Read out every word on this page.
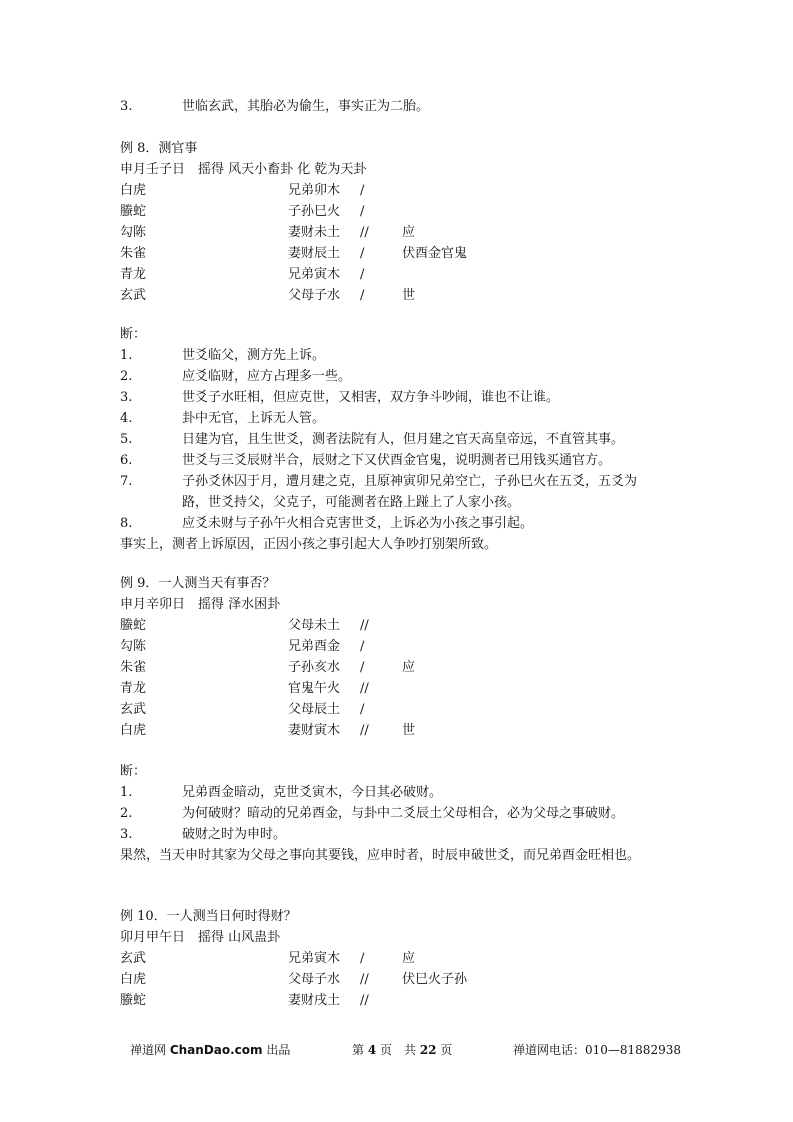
3.	世临玄武，其胎必为偷生，事实正为二胎。
例 8．测官事
申月壬子日　摇得 风天小畜卦 化 乾为天卦
白虎	兄弟卯木 /
螣蛇	子孙巳火 /
勾陈	妻财未土 //	应
朱雀	妻财辰土 /	伏酉金官鬼
青龙	兄弟寅木 /
玄武	父母子水 /	世
断：
1.	世爻临父，测方先上诉。
2.	应爻临财，应方占理多一些。
3.	世爻子水旺相，但应克世，又相害，双方争斗吵闹，谁也不让谁。
4.	卦中无官，上诉无人管。
5.	日建为官，且生世爻，测者法院有人，但月建之官天高皇帝远，不直管其事。
6.	世爻与三爻辰财半合，辰财之下又伏酉金官鬼，说明测者已用钱买通官方。
7.	子孙爻休囚于月，遭月建之克，且原神寅卯兄弟空亡，子孙巳火在五爻，五爻为
路，世爻持父，父克子，可能测者在路上踫上了人家小孩。
8.	应爻未财与子孙午火相合克害世爻，上诉必为小孩之事引起。
事实上，测者上诉原因，正因小孩之事引起大人争吵打别架所致。
例 9．一人测当天有事否？
申月辛卯日　摇得 泽水困卦
螣蛇	父母未土 //
勾陈	兄弟酉金 /
朱雀	子孙亥水 /	应
青龙	官鬼午火 //
玄武	父母辰土 /
白虎	妻财寅木 //	世
断：
1.	兄弟酉金暗动，克世爻寅木，今日其必破财。
2.	为何破财？暗动的兄弟酉金，与卦中二爻辰土父母相合，必为父母之事破财。
3.	破财之时为申时。
果然，当天申时其家为父母之事向其要钱，应申时者，时辰申破世爻，而兄弟酉金旺相也。
例 10．一人测当日何时得财？
卯月甲午日　摇得 山风蛊卦
玄武	兄弟寅木 /	应
白虎	父母子水 //	伏巳火子孙
螣蛇	妻财戌土 //
禅道网 ChanDao.com 出品	第 4 页　共 22 页	禅道网电话：010—81882938
